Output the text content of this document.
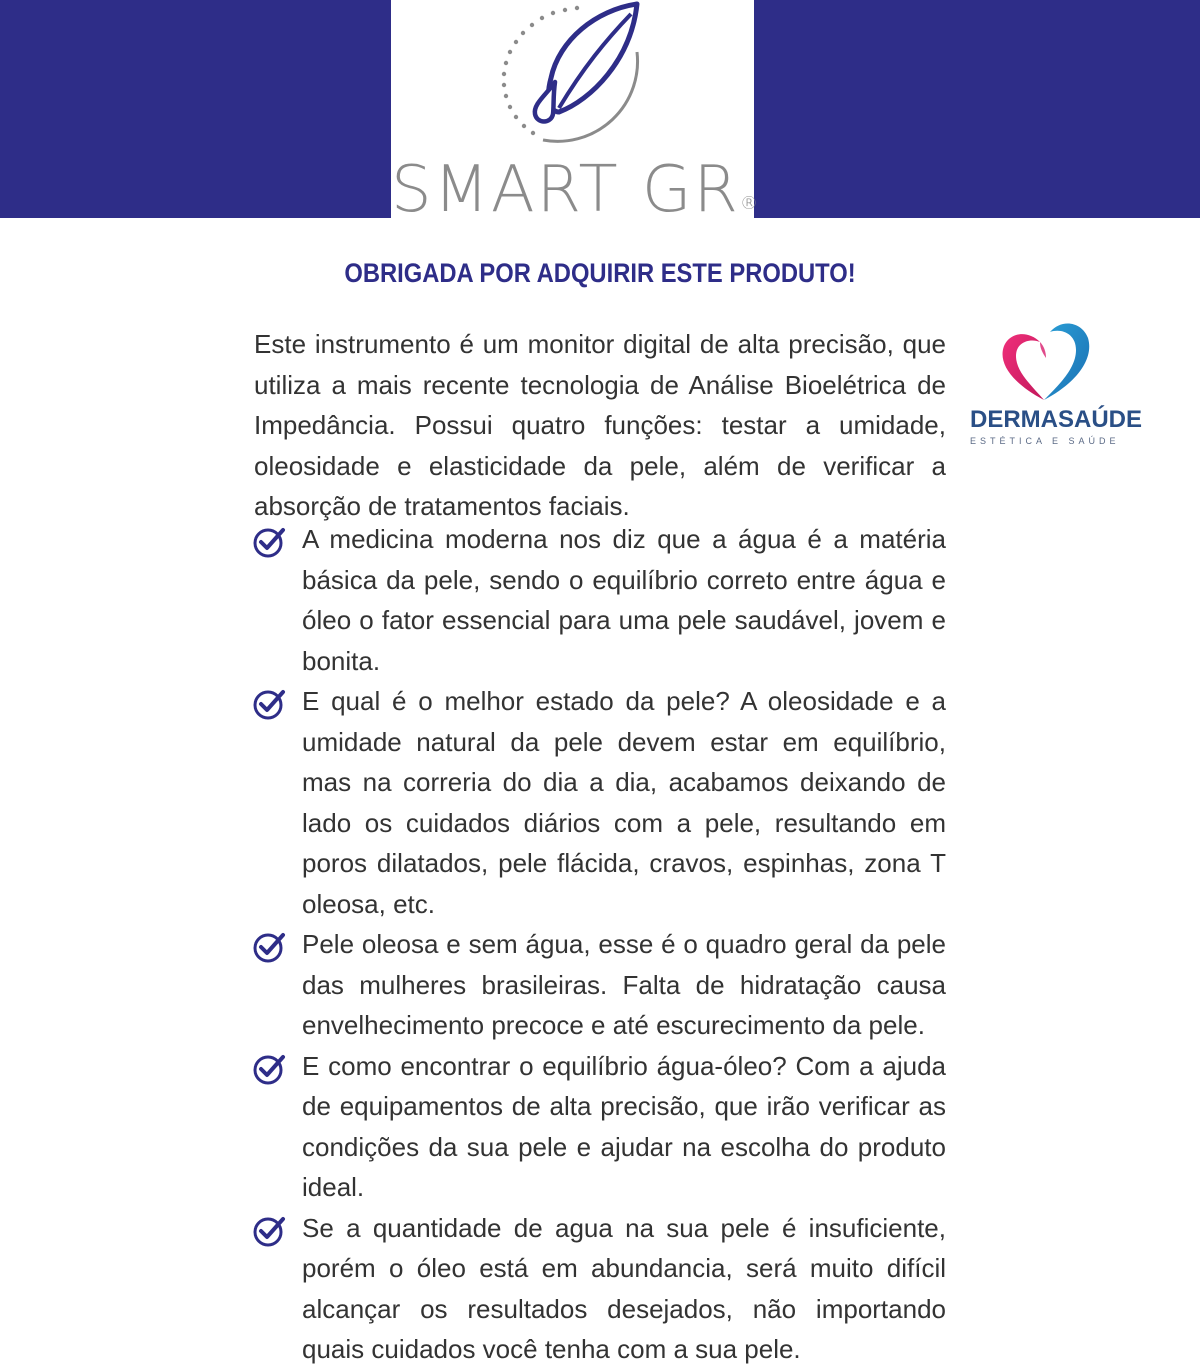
SMART GR®
OBRIGADA POR ADQUIRIR ESTE PRODUTO!

Este instrumento é um monitor digital de alta precisão, que utiliza a mais recente tecnologia de Análise Bioelétrica de Impedância. Possui quatro funções: testar a umidade, oleosidade e elasticidade da pele, além de verificar a absorção de tratamentos faciais.

DERMASAÚDE
ESTÉTICA E SAÚDE
A medicina moderna nos diz que a água é a matéria básica da pele, sendo o equilíbrio correto entre água e óleo o fator essencial para uma pele saudável, jovem e bonita.
E qual é o melhor estado da pele? A oleosidade e a umidade natural da pele devem estar em equilíbrio, mas na correria do dia a dia, acabamos deixando de lado os cuidados diários com a pele, resultando em poros dilatados, pele flácida, cravos, espinhas, zona T oleosa, etc.
Pele oleosa e sem água, esse é o quadro geral da pele das mulheres brasileiras. Falta de hidratação causa envelhecimento precoce e até escurecimento da pele.
E como encontrar o equilíbrio água-óleo? Com a ajuda de equipamentos de alta precisão, que irão verificar as condições da sua pele e ajudar na escolha do produto ideal.
Se a quantidade de agua na sua pele é insuficiente, porém o óleo está em abundancia, será muito difícil alcançar os resultados desejados, não importando quais cuidados você tenha com a sua pele.
